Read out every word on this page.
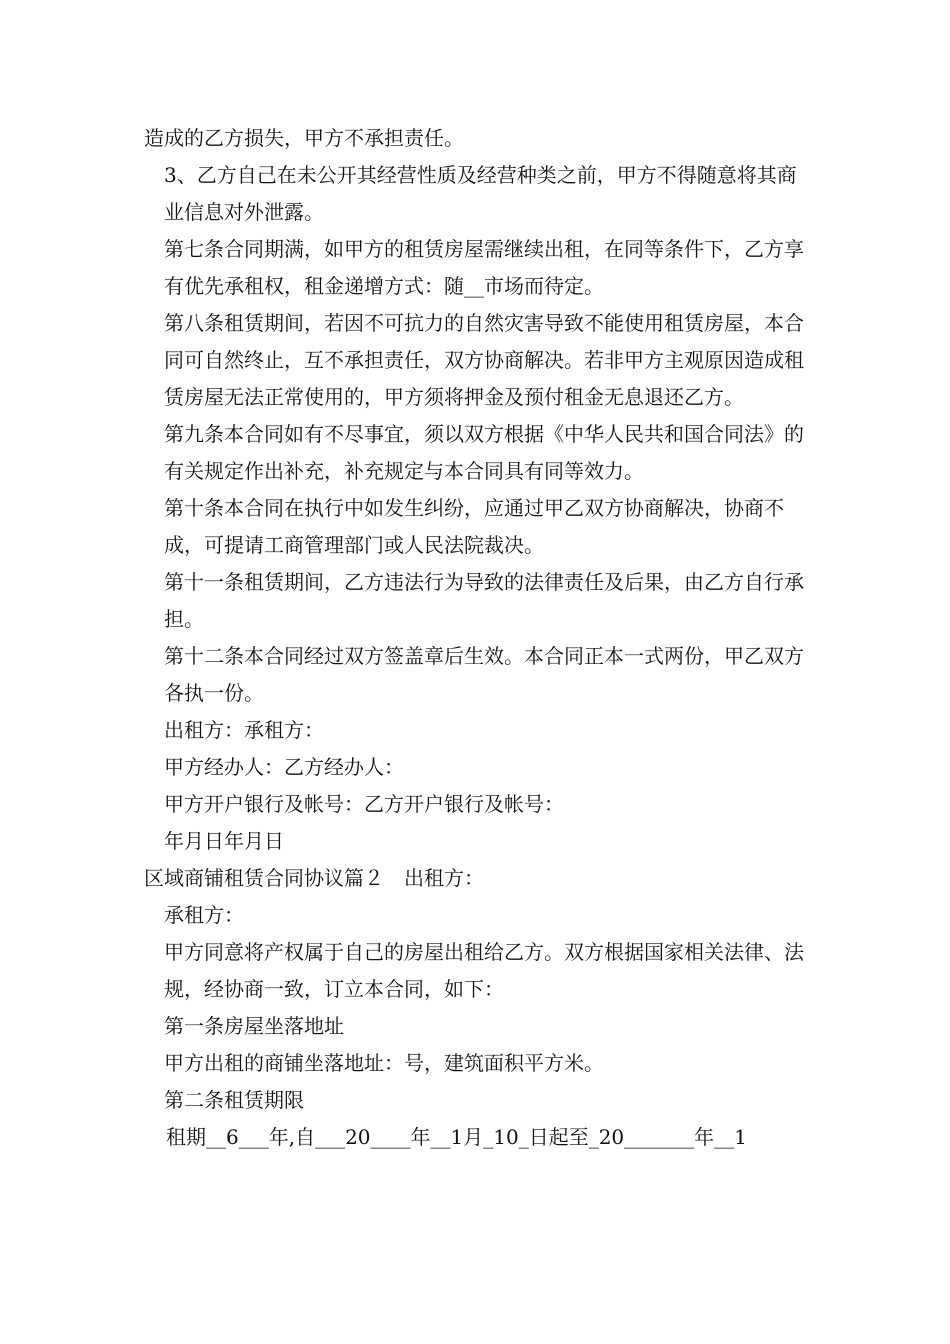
造成的乙方损失，甲方不承担责任。

3、乙方自己在未公开其经营性质及经营种类之前，甲方不得随意将其商业信息对外泄露。

第七条合同期满，如甲方的租赁房屋需继续出租，在同等条件下，乙方享有优先承租权，租金递增方式：随__市场而待定。

第八条租赁期间，若因不可抗力的自然灾害导致不能使用租赁房屋，本合同可自然终止，互不承担责任，双方协商解决。若非甲方主观原因造成租赁房屋无法正常使用的，甲方须将押金及预付租金无息退还乙方。

第九条本合同如有不尽事宜，须以双方根据《中华人民共和国合同法》的有关规定作出补充，补充规定与本合同具有同等效力。

第十条本合同在执行中如发生纠纷，应通过甲乙双方协商解决，协商不成，可提请工商管理部门或人民法院裁决。

第十一条租赁期间，乙方违法行为导致的法律责任及后果，由乙方自行承担。

第十二条本合同经过双方签盖章后生效。本合同正本一式两份，甲乙双方各执一份。

出租方：承租方：

甲方经办人：乙方经办人：

甲方开户银行及帐号：乙方开户银行及帐号：

年月日年月日

区域商铺租赁合同协议篇２　出租方：

承租方：

甲方同意将产权属于自己的房屋出租给乙方。双方根据国家相关法律、法规，经协商一致，订立本合同，如下：

第一条房屋坐落地址

甲方出租的商铺坐落地址：号，建筑面积平方米。

第二条租赁期限

租期__6___年,自___20____年__1月_10_日起至_20_______年__1
